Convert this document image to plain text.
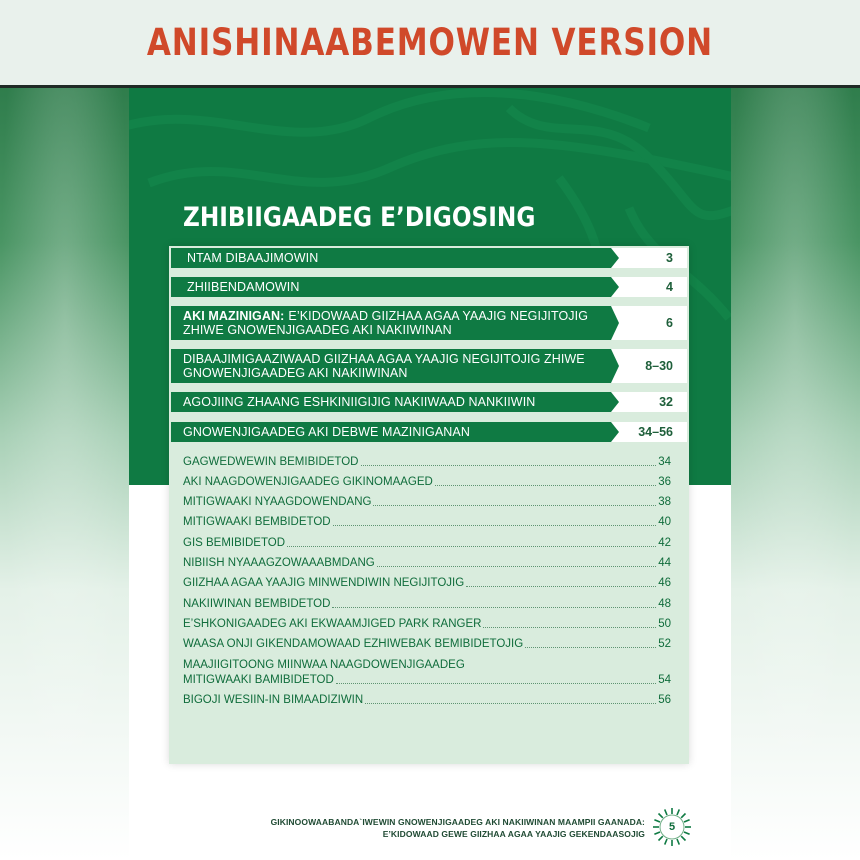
ANISHINAABEMOWEN VERSION
ZHIBIIGAADEG E’DIGOSING
NTAM DIBAAJIMOWIN	3
ZHIIBENDAMOWIN	4
AKI MAZINIGAN: E’KIDOWAAD GIIZHAA AGAA YAAJIG NEGIJITOJIG ZHIWE GNOWENJIGAADEG AKI NAKIIWINAN	6
DIBAAJIMIGAAZIWAAD GIIZHAA AGAA YAAJIG NEGIJITOJIG ZHIWE GNOWENJIGAADEG AKI NAKIIWINAN	8–30
AGOJIING ZHAANG ESHKINIIGIJIG NAKIIWAAD NANKIIWIN	32
GNOWENJIGAADEG AKI DEBWE MAZINIGANAN	34–56
GAGWEDWEWIN BEMIBIDETOD	34
AKI NAAGDOWENJIGAADEG GIKINOMAAGED	36
MITIGWAAKI NYAAGDOWENDANG	38
MITIGWAAKI BEMBIDETOD	40
GIS BEMIBIDETOD	42
NIBIISH NYAAAGZOWAAABMDANG	44
GIIZHAA AGAA YAAJIG MINWENDIWIN NEGIJITOJIG	46
NAKIIWINAN BEMBIDETOD	48
E’SHKONIGAADEG AKI EKWAAMJIGED PARK RANGER	50
WAASA ONJI GIKENDAMOWAAD EZHIWEBAK BEMIBIDETOJIG	52
MAAJIIGITOONG MIINWAA NAAGDOWENJIGAADEG
MITIGWAAKI BAMIBIDETOD	54
BIGOJI WESIIN-IN BIMAADIZIWIN	56
GIKINOOWAABANDA`IWEWIN GNOWENJIGAADEG AKI NAKIIWINAN MAAMPII GAANADA:
E’KIDOWAAD GEWE GIIZHAA AGAA YAAJIG GEKENDAASOJIG
5
